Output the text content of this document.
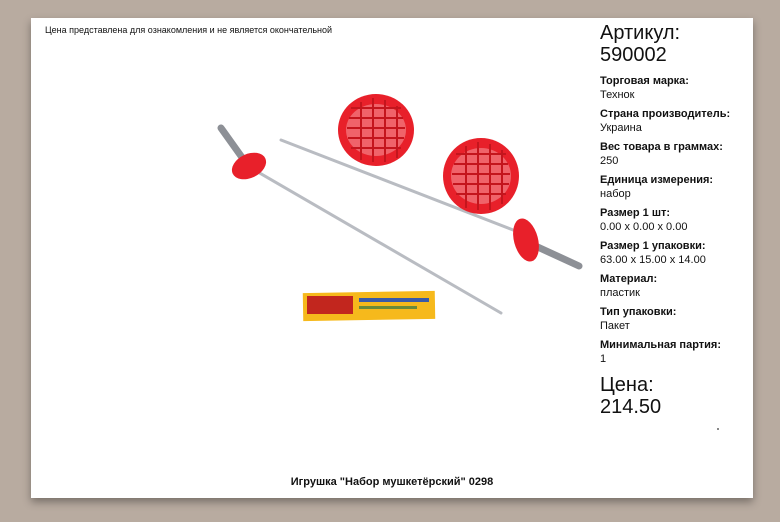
Цена представлена для ознакомления и не является окончательной	Артикул:
590002
Торговая марка:
Технок
Страна производитель:
Украина
Вес товара в граммах:
250
Единица измерения:
набор
Размер 1 шт:
0.00 x 0.00 x 0.00
Размер 1 упаковки:
63.00 x 15.00 x 14.00
Материал:
пластик
Тип упаковки:
Пакет
Минимальная партия:
1
Цена:
214.50
Игрушка "Набор мушкетёрский" 0298
